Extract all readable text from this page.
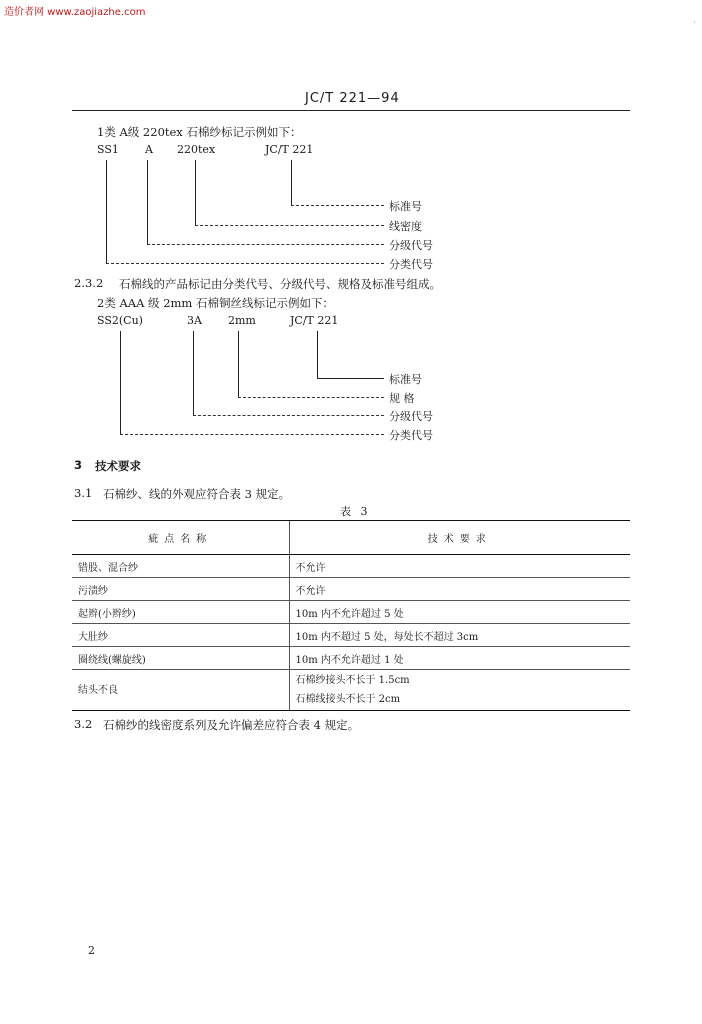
造价者网 www.zaojiazhe.com
·
JC/T 221—94
1类 A级 220tex 石棉纱标记示例如下：
SS1 A 220tex	JC/T 221
标准号
线密度
分级代号
分类代号
2.3.2 石棉线的产品标记由分类代号、分级代号、规格及标准号组成。
2类 AAA 级 2mm 石棉铜丝线标记示例如下：
SS2(Cu)	3A 2mm	JC/T 221
标准号
规 格
分级代号
分类代号
3 技术要求
3.1 石棉纱、线的外观应符合表 3 规定。
表 3
疵点名称	技术要求
错股、混合纱	不允许
污渍纱	不允许
起辫(小辫纱)	10m 内不允许超过 5 处
大肚纱	10m 内不超过 5 处，每处长不超过 3cm
圈绕线(螺旋线)	10m 内不允许超过 1 处
结头不良	石棉纱接头不长于 1.5cm
石棉线接头不长于 2cm
3.2 石棉纱的线密度系列及允许偏差应符合表 4 规定。
2
